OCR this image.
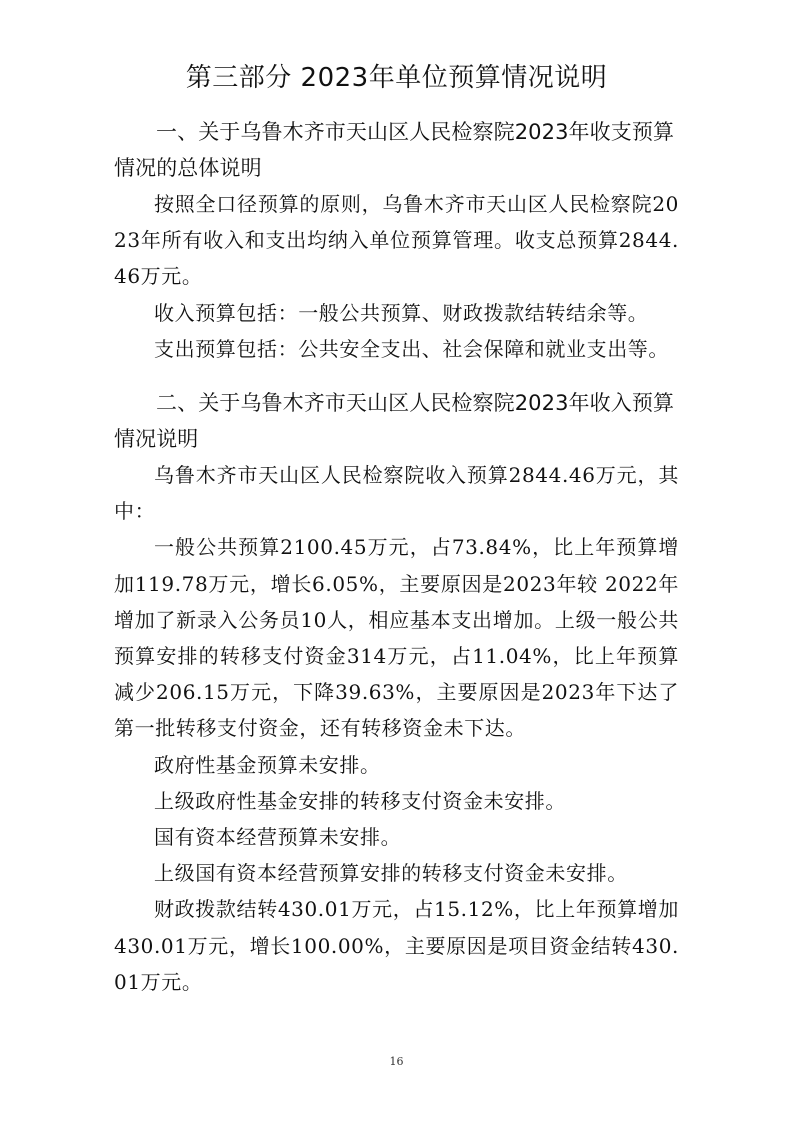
第三部分 2023年单位预算情况说明

一、关于乌鲁木齐市天山区人民检察院2023年收支预算情况的总体说明

按照全口径预算的原则，乌鲁木齐市天山区人民检察院2023年所有收入和支出均纳入单位预算管理。收支总预算2844.46万元。

收入预算包括：一般公共预算、财政拨款结转结余等。

支出预算包括：公共安全支出、社会保障和就业支出等。

二、关于乌鲁木齐市天山区人民检察院2023年收入预算情况说明

乌鲁木齐市天山区人民检察院收入预算2844.46万元，其中：

一般公共预算2100.45万元，占73.84%，比上年预算增加119.78万元，增长6.05%，主要原因是2023年较 2022年增加了新录入公务员10人，相应基本支出增加。上级一般公共预算安排的转移支付资金314万元，占11.04%，比上年预算减少206.15万元，下降39.63%，主要原因是2023年下达了第一批转移支付资金，还有转移资金未下达。

政府性基金预算未安排。

上级政府性基金安排的转移支付资金未安排。

国有资本经营预算未安排。

上级国有资本经营预算安排的转移支付资金未安排。

财政拨款结转430.01万元，占15.12%，比上年预算增加430.01万元，增长100.00%，主要原因是项目资金结转430.01万元。

16
